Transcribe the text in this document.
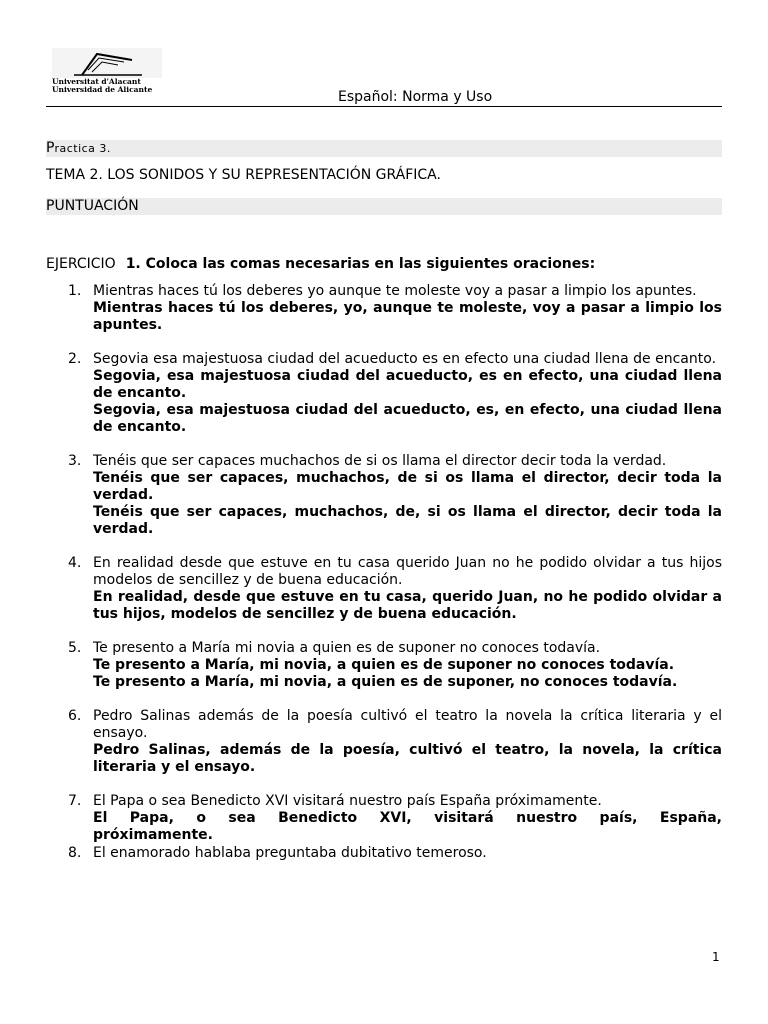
Universitat d'Alacant
Universidad de Alicante	Español: Norma y Uso
Practica 3.
TEMA 2. LOS SONIDOS Y SU REPRESENTACIÓN GRÁFICA.
PUNTUACIÓN
EJERCICIO 1. Coloca las comas necesarias en las siguientes oraciones:
1. Mientras haces tú los deberes yo aunque te moleste voy a pasar a limpio los apuntes.
Mientras haces tú los deberes, yo, aunque te moleste, voy a pasar a limpio los apuntes.
2. Segovia esa majestuosa ciudad del acueducto es en efecto una ciudad llena de encanto.
Segovia, esa majestuosa ciudad del acueducto, es en efecto, una ciudad llena de encanto.
Segovia, esa majestuosa ciudad del acueducto, es, en efecto, una ciudad llena de encanto.
3. Tenéis que ser capaces muchachos de si os llama el director decir toda la verdad.
Tenéis que ser capaces, muchachos, de si os llama el director, decir toda la verdad.
Tenéis que ser capaces, muchachos, de, si os llama el director, decir toda la verdad.
4. En realidad desde que estuve en tu casa querido Juan no he podido olvidar a tus hijos modelos de sencillez y de buena educación.
En realidad, desde que estuve en tu casa, querido Juan, no he podido olvidar a tus hijos, modelos de sencillez y de buena educación.
5. Te presento a María mi novia a quien es de suponer no conoces todavía.
Te presento a María, mi novia, a quien es de suponer no conoces todavía.
Te presento a María, mi novia, a quien es de suponer, no conoces todavía.
6. Pedro Salinas además de la poesía cultivó el teatro la novela la crítica literaria y el ensayo.
Pedro Salinas, además de la poesía, cultivó el teatro, la novela, la crítica literaria y el ensayo.
7. El Papa o sea Benedicto XVI visitará nuestro país España próximamente.
El Papa, o sea Benedicto XVI, visitará nuestro país, España, próximamente.
8. El enamorado hablaba preguntaba dubitativo temeroso.
1
